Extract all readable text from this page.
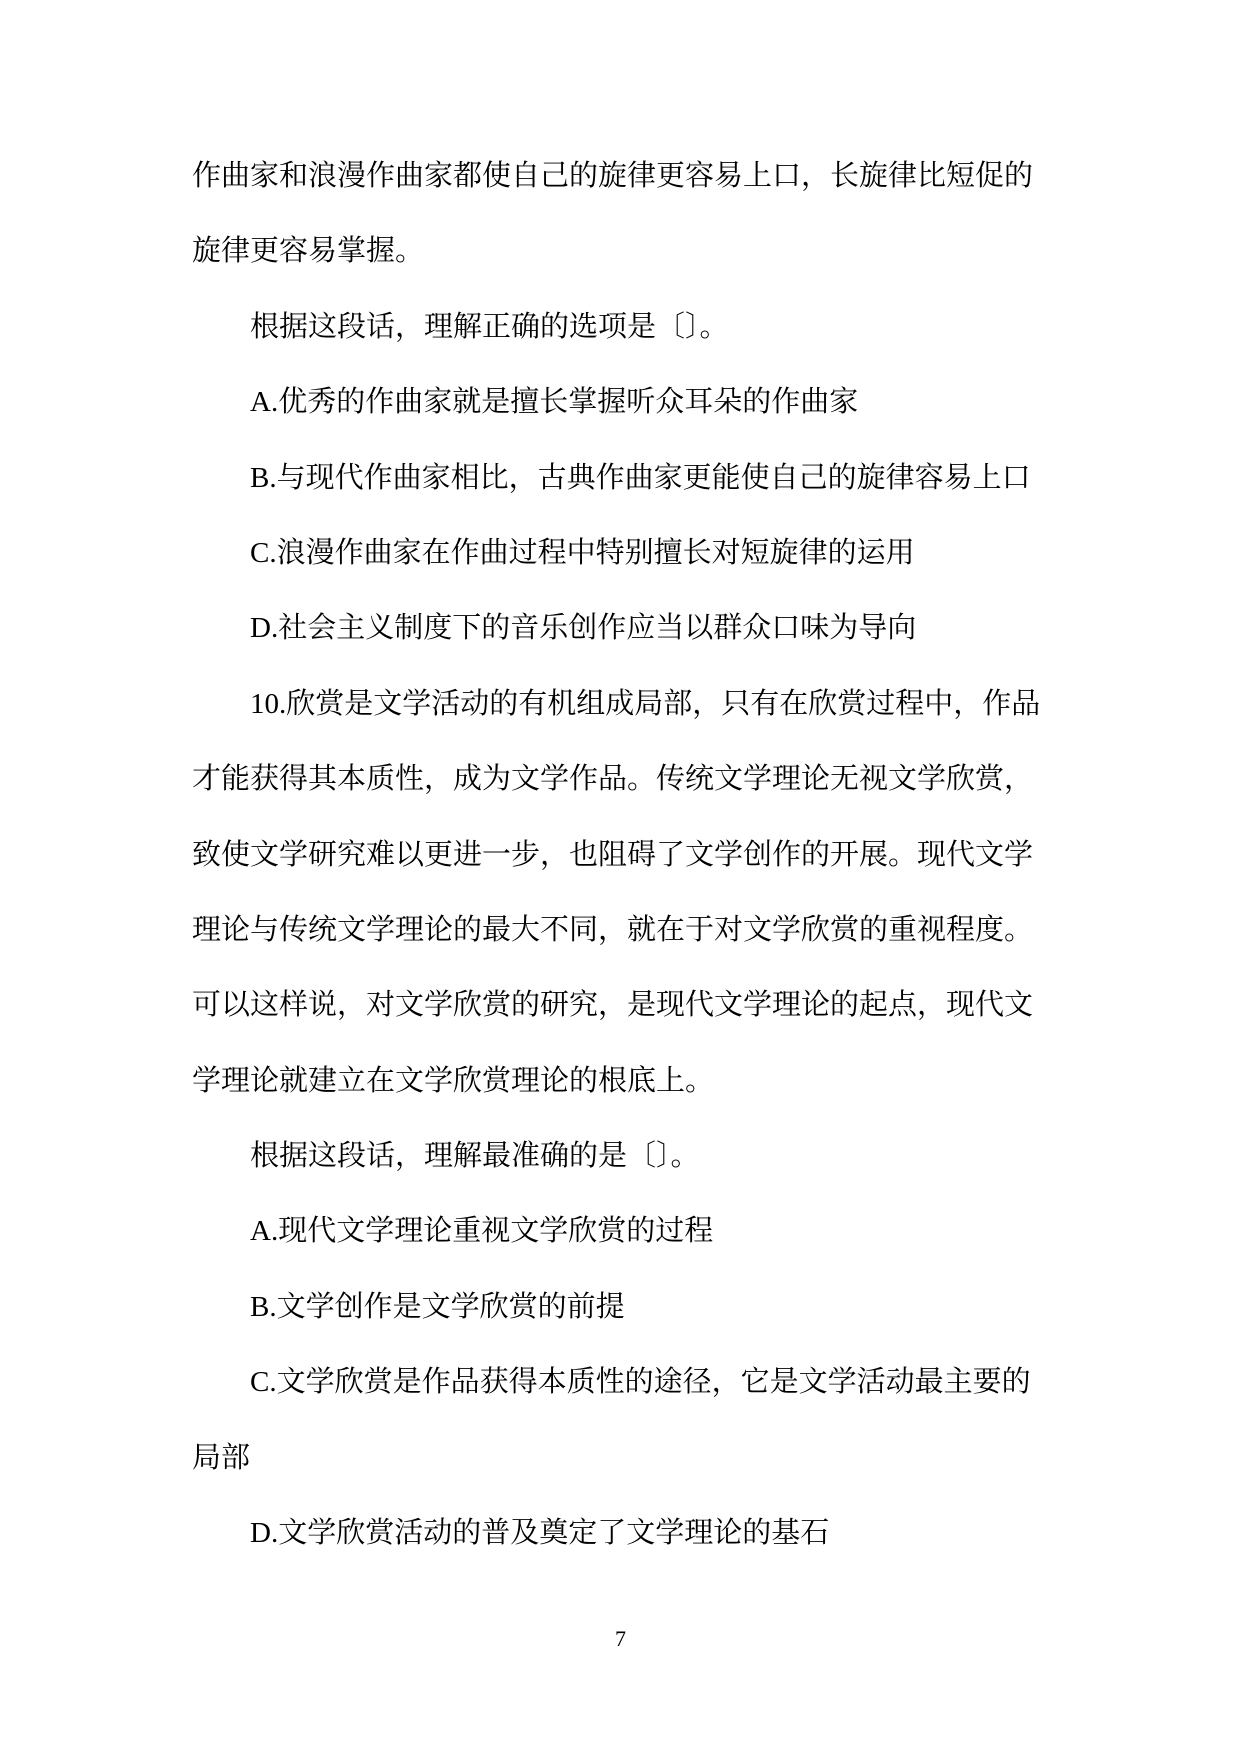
作曲家和浪漫作曲家都使自己的旋律更容易上口，长旋律比短促的
旋律更容易掌握。
根据这段话，理解正确的选项是〔〕。
A.优秀的作曲家就是擅长掌握听众耳朵的作曲家
B.与现代作曲家相比，古典作曲家更能使自己的旋律容易上口
C.浪漫作曲家在作曲过程中特别擅长对短旋律的运用
D.社会主义制度下的音乐创作应当以群众口味为导向
10.欣赏是文学活动的有机组成局部，只有在欣赏过程中，作品
才能获得其本质性，成为文学作品。传统文学理论无视文学欣赏，
致使文学研究难以更进一步，也阻碍了文学创作的开展。现代文学
理论与传统文学理论的最大不同，就在于对文学欣赏的重视程度。
可以这样说，对文学欣赏的研究，是现代文学理论的起点，现代文
学理论就建立在文学欣赏理论的根底上。
根据这段话，理解最准确的是〔〕。
A.现代文学理论重视文学欣赏的过程
B.文学创作是文学欣赏的前提
C.文学欣赏是作品获得本质性的途径，它是文学活动最主要的
局部
D.文学欣赏活动的普及奠定了文学理论的基石
7
